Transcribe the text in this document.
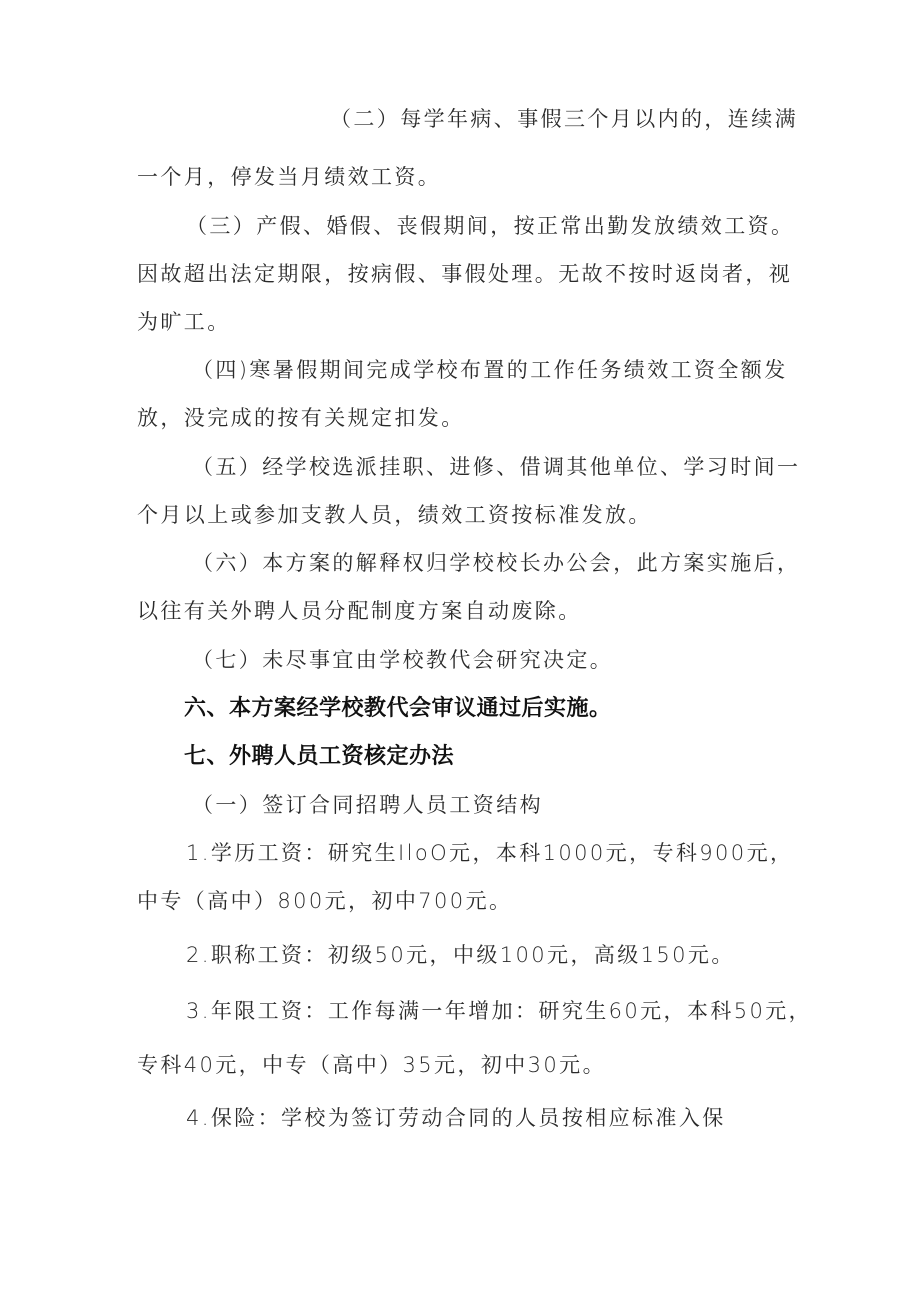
（二）每学年病、事假三个月以内的，连续满
一个月，停发当月绩效工资。
（三）产假、婚假、丧假期间，按正常出勤发放绩效工资。
因故超出法定期限，按病假、事假处理。无故不按时返岗者，视
为旷工。
（四)寒暑假期间完成学校布置的工作任务绩效工资全额发
放，没完成的按有关规定扣发。
（五）经学校选派挂职、进修、借调其他单位、学习时间一
个月以上或参加支教人员，绩效工资按标准发放。
（六）本方案的解释权归学校校长办公会，此方案实施后，
以往有关外聘人员分配制度方案自动废除。
（七）未尽事宜由学校教代会研究决定。
六、本方案经学校教代会审议通过后实施。
七、外聘人员工资核定办法
（一）签订合同招聘人员工资结构
1.学历工资：研究生IloO元，本科1000元，专科900元，
中专（高中）800元，初中700元。
2.职称工资：初级50元，中级100元，高级150元。
3.年限工资：工作每满一年增加：研究生60元，本科50元，
专科40元，中专（高中）35元，初中30元。
4.保险：学校为签订劳动合同的人员按相应标准入保
